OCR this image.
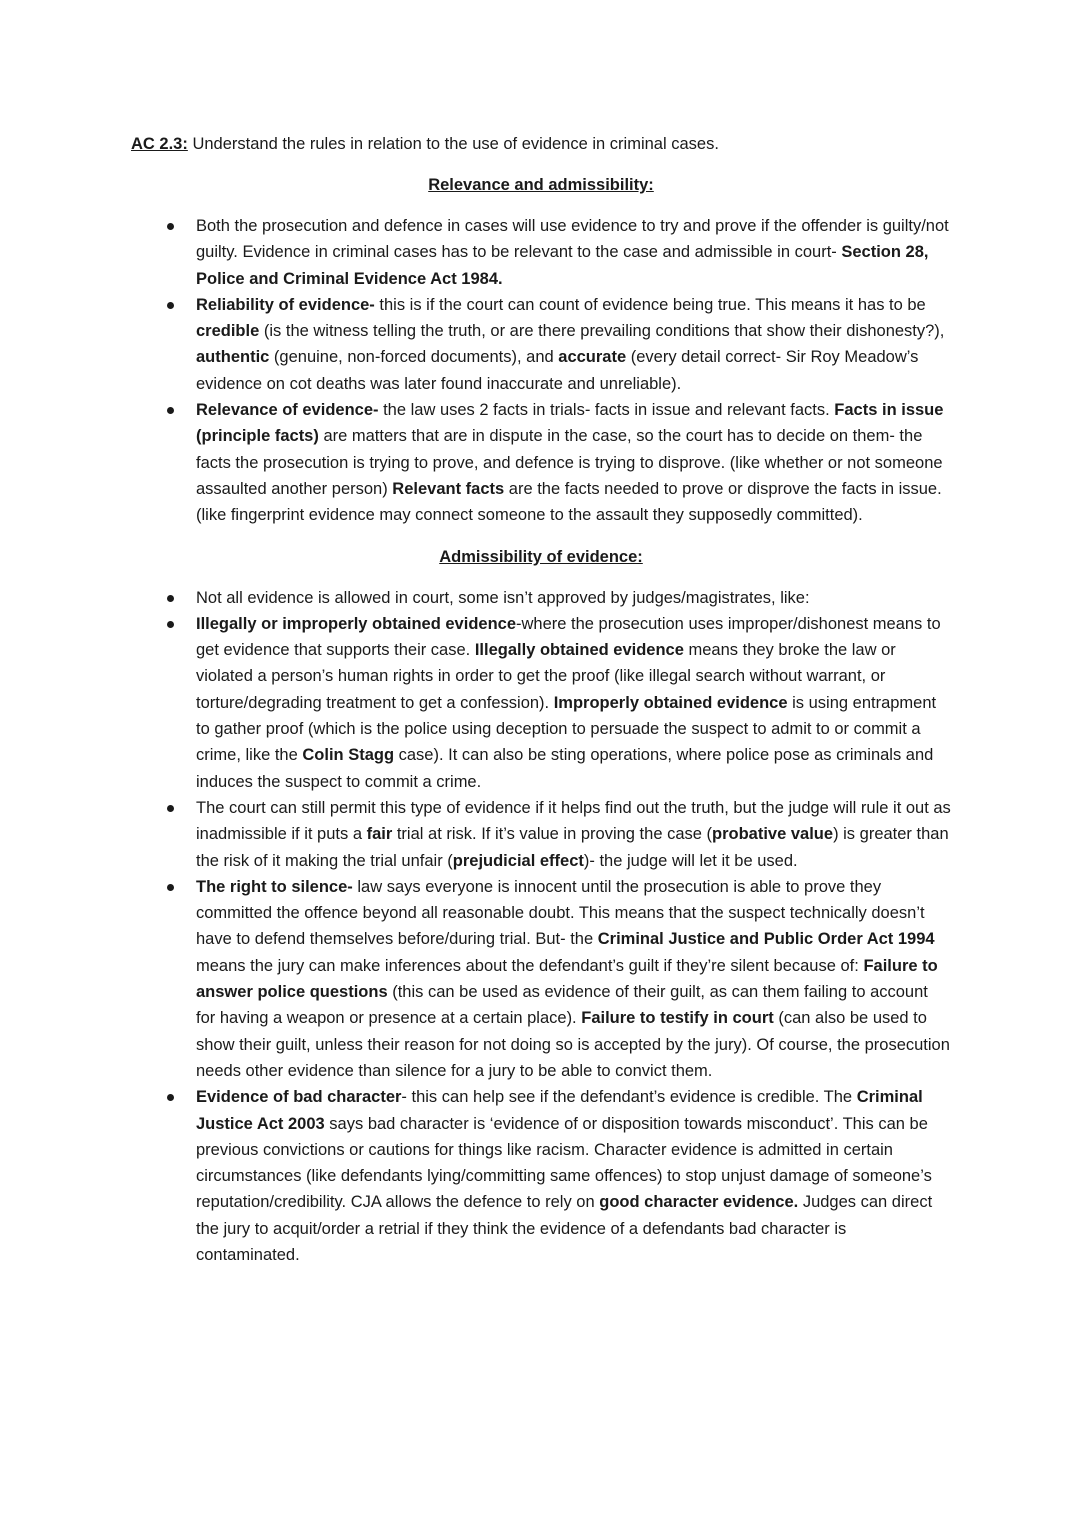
AC 2.3: Understand the rules in relation to the use of evidence in criminal cases.

Relevance and admissibility:

Both the prosecution and defence in cases will use evidence to try and prove if the offender is guilty/not guilty. Evidence in criminal cases has to be relevant to the case and admissible in court- Section 28, Police and Criminal Evidence Act 1984.
Reliability of evidence- this is if the court can count of evidence being true. This means it has to be credible (is the witness telling the truth, or are there prevailing conditions that show their dishonesty?), authentic (genuine, non-forced documents), and accurate (every detail correct- Sir Roy Meadow’s evidence on cot deaths was later found inaccurate and unreliable).
Relevance of evidence- the law uses 2 facts in trials- facts in issue and relevant facts. Facts in issue (principle facts) are matters that are in dispute in the case, so the court has to decide on them- the facts the prosecution is trying to prove, and defence is trying to disprove. (like whether or not someone assaulted another person) Relevant facts are the facts needed to prove or disprove the facts in issue. (like fingerprint evidence may connect someone to the assault they supposedly committed).

Admissibility of evidence:

Not all evidence is allowed in court, some isn’t approved by judges/magistrates, like:
Illegally or improperly obtained evidence-where the prosecution uses improper/dishonest means to get evidence that supports their case. Illegally obtained evidence means they broke the law or violated a person’s human rights in order to get the proof (like illegal search without warrant, or torture/degrading treatment to get a confession). Improperly obtained evidence is using entrapment to gather proof (which is the police using deception to persuade the suspect to admit to or commit a crime, like the Colin Stagg case). It can also be sting operations, where police pose as criminals and induces the suspect to commit a crime.
The court can still permit this type of evidence if it helps find out the truth, but the judge will rule it out as inadmissible if it puts a fair trial at risk. If it’s value in proving the case (probative value) is greater than the risk of it making the trial unfair (prejudicial effect)- the judge will let it be used.
The right to silence- law says everyone is innocent until the prosecution is able to prove they committed the offence beyond all reasonable doubt. This means that the suspect technically doesn’t have to defend themselves before/during trial. But- the Criminal Justice and Public Order Act 1994 means the jury can make inferences about the defendant’s guilt if they’re silent because of: Failure to answer police questions (this can be used as evidence of their guilt, as can them failing to account for having a weapon or presence at a certain place). Failure to testify in court (can also be used to show their guilt, unless their reason for not doing so is accepted by the jury). Of course, the prosecution needs other evidence than silence for a jury to be able to convict them.
Evidence of bad character- this can help see if the defendant’s evidence is credible. The Criminal Justice Act 2003 says bad character is ‘evidence of or disposition towards misconduct’. This can be previous convictions or cautions for things like racism. Character evidence is admitted in certain circumstances (like defendants lying/committing same offences) to stop unjust damage of someone’s reputation/credibility. CJA allows the defence to rely on good character evidence. Judges can direct the jury to acquit/order a retrial if they think the evidence of a defendants bad character is contaminated.
